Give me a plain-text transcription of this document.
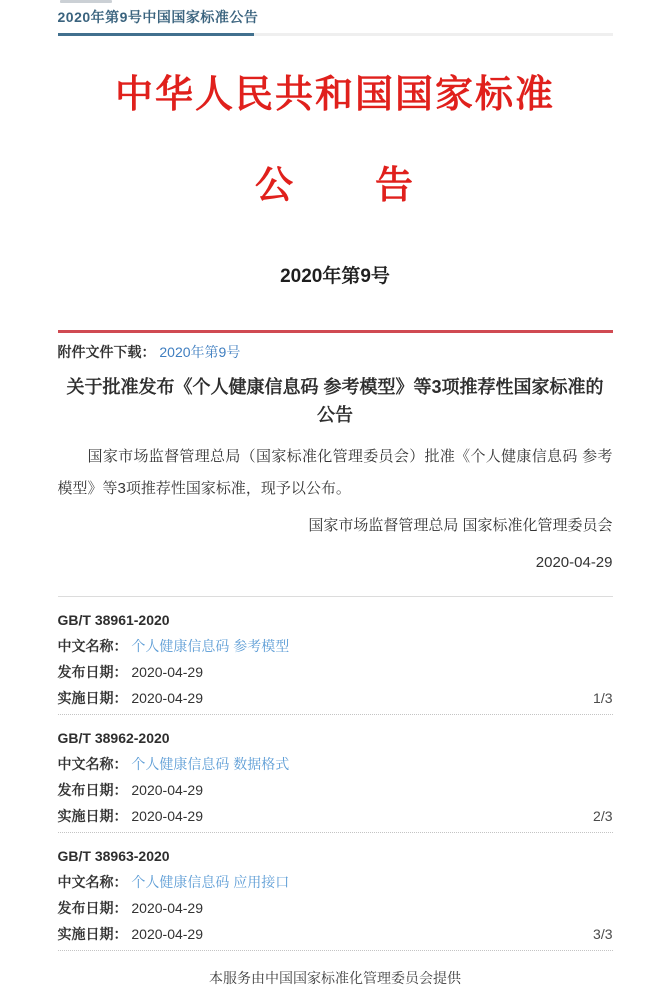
2020年第9号中国国家标准公告
中华人民共和国国家标准
公　　告
2020年第9号
附件文件下载： 2020年第9号
关于批准发布《个人健康信息码 参考模型》等3项推荐性国家标准的公告
国家市场监督管理总局（国家标准化管理委员会）批准《个人健康信息码 参考模型》等3项推荐性国家标准，现予以公布。
国家市场监督管理总局 国家标准化管理委员会
2020-04-29
GB/T 38961-2020
中文名称： 个人健康信息码 参考模型
发布日期： 2020-04-29
实施日期： 2020-04-29	1/3
GB/T 38962-2020
中文名称： 个人健康信息码 数据格式
发布日期： 2020-04-29
实施日期： 2020-04-29	2/3
GB/T 38963-2020
中文名称： 个人健康信息码 应用接口
发布日期： 2020-04-29
实施日期： 2020-04-29	3/3
本服务由中国国家标准化管理委员会提供
